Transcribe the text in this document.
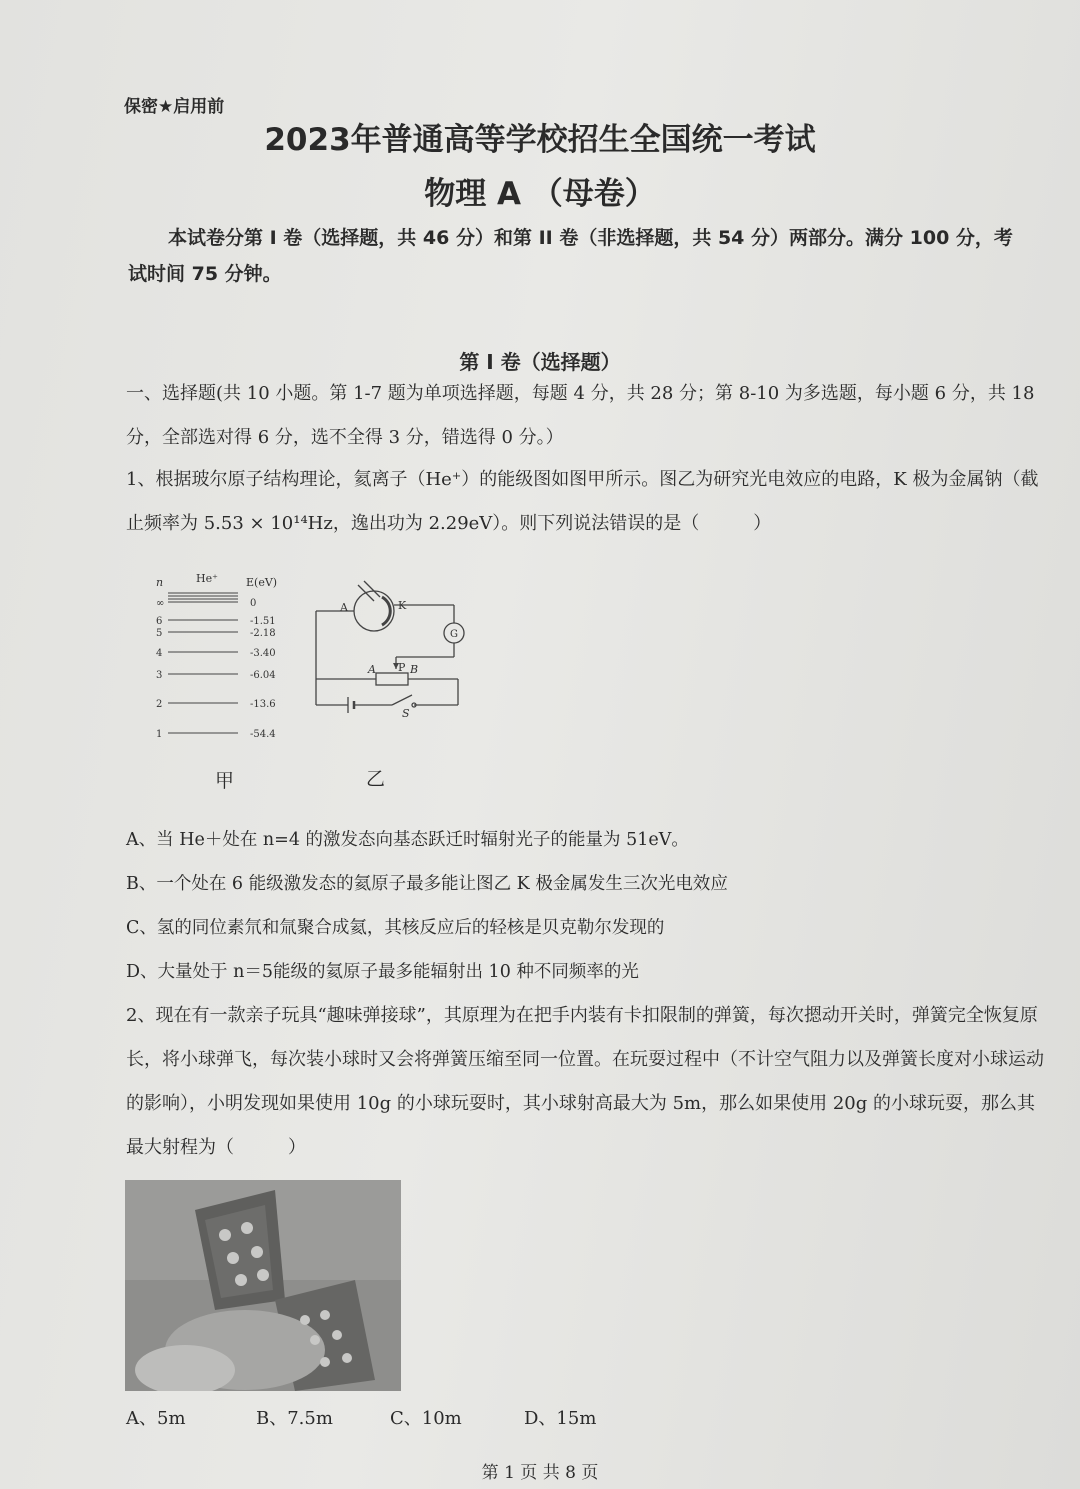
保密★启用前
2023年普通高等学校招生全国统一考试
物理 A （母卷）
本试卷分第 I 卷（选择题，共 46 分）和第 II 卷（非选择题，共 54 分）两部分。满分 100 分，考试时间 75 分钟。
第 I 卷（选择题）
一、选择题(共 10 小题。第 1-7 题为单项选择题，每题 4 分，共 28 分；第 8-10 为多选题，每小题 6 分，共 18 分，全部选对得 6 分，选不全得 3 分，错选得 0 分。）
1、根据玻尔原子结构理论，氦离子（He⁺）的能级图如图甲所示。图乙为研究光电效应的电路，K 极为金属钠（截止频率为 5.53 × 10¹⁴Hz，逸出功为 2.29eV）。则下列说法错误的是（　　　）
n	He⁺	E(eV)
∞	0
6	-1.51
5	-2.18
4	-3.40
3	-6.04
2	-13.6
1	-54.4
甲
A	K
G
P
A	B
S
乙
A、当 He＋处在 n=4 的激发态向基态跃迁时辐射光子的能量为 51eV。
B、一个处在 6 能级激发态的氦原子最多能让图乙 K 极金属发生三次光电效应
C、氢的同位素氘和氚聚合成氦，其核反应后的轻核是贝克勒尔发现的
D、大量处于 n＝5能级的氦原子最多能辐射出 10 种不同频率的光
2、现在有一款亲子玩具“趣味弹接球”，其原理为在把手内装有卡扣限制的弹簧，每次摁动开关时，弹簧完全恢复原长，将小球弹飞，每次装小球时又会将弹簧压缩至同一位置。在玩耍过程中（不计空气阻力以及弹簧长度对小球运动的影响），小明发现如果使用 10g 的小球玩耍时，其小球射高最大为 5m，那么如果使用 20g 的小球玩耍，那么其最大射程为（　　　）
A、5m	B、7.5m	C、10m	D、15m
第 1 页 共 8 页
